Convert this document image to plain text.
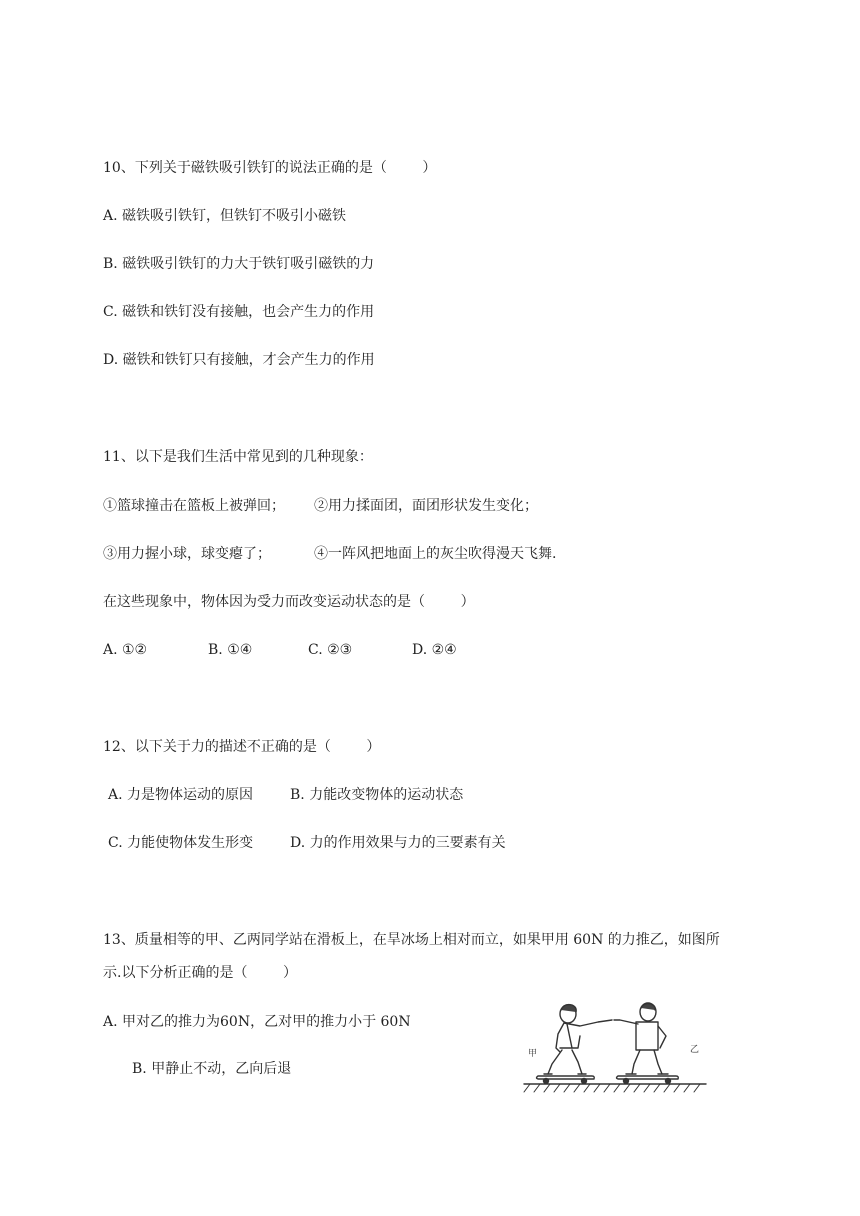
10、下列关于磁铁吸引铁钉的说法正确的是（        ）
A. 磁铁吸引铁钉，但铁钉不吸引小磁铁
B. 磁铁吸引铁钉的力大于铁钉吸引磁铁的力
C. 磁铁和铁钉没有接触，也会产生力的作用
D. 磁铁和铁钉只有接触，才会产生力的作用
11、以下是我们生活中常见到的几种现象：
①篮球撞击在篮板上被弹回； ②用力揉面团，面团形状发生变化；
③用力握小球，球变瘪了；	④一阵风把地面上的灰尘吹得漫天飞舞.
在这些现象中，物体因为受力而改变运动状态的是（        ）
A. ①②	B. ①④	C. ②③	D. ②④
12、以下关于力的描述不正确的是（        ）
A. 力是物体运动的原因	B. 力能改变物体的运动状态
C. 力能使物体发生形变	D. 力的作用效果与力的三要素有关
13、质量相等的甲、乙两同学站在滑板上，在旱冰场上相对而立，如果甲用 60N 的力推乙，如图所
示.以下分析正确的是（        ）
A. 甲对乙的推力为60N，乙对甲的推力小于 60N
B. 甲静止不动，乙向后退
甲	乙
